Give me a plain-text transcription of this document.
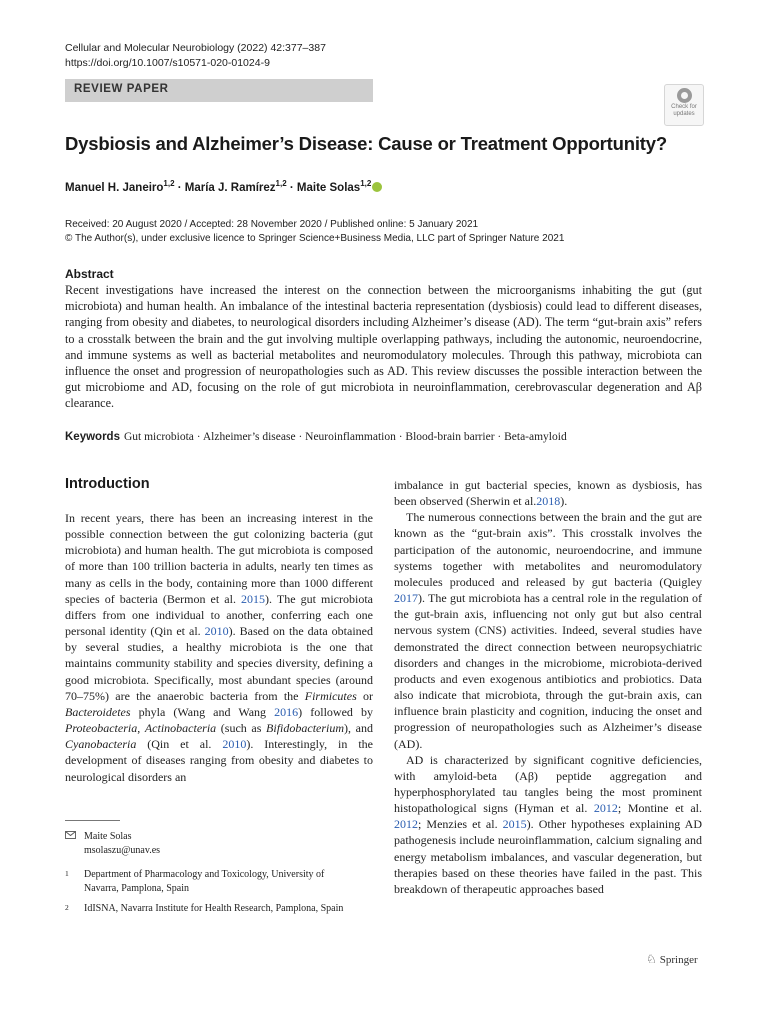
Cellular and Molecular Neurobiology (2022) 42:377–387
https://doi.org/10.1007/s10571-020-01024-9
REVIEW PAPER
Check for
updates
Dysbiosis and Alzheimer’s Disease: Cause or Treatment Opportunity?
Manuel H. Janeiro$^{1,2}$ · María J. Ramírez$^{1,2}$ · Maite Solas$^{1,2}$
Received: 20 August 2020 / Accepted: 28 November 2020 / Published online: 5 January 2021
© The Author(s), under exclusive licence to Springer Science+Business Media, LLC part of Springer Nature 2021
Abstract
Recent investigations have increased the interest on the connection between the microorganisms inhabiting the gut (gut microbiota) and human health. An imbalance of the intestinal bacteria representation (dysbiosis) could lead to different diseases, ranging from obesity and diabetes, to neurological disorders including Alzheimer’s disease (AD). The term “gut-brain axis” refers to a crosstalk between the brain and the gut involving multiple overlapping pathways, including the autonomic, neuroendocrine, and immune systems as well as bacterial metabolites and neuromodulatory molecules. Through this pathway, microbiota can influence the onset and progression of neuropathologies such as AD. This review discusses the possible interaction between the gut microbiome and AD, focusing on the role of gut microbiota in neuroinflammation, cerebrovascular degeneration and Aβ clearance.
Keywords Gut microbiota · Alzheimer’s disease · Neuroinflammation · Blood-brain barrier · Beta-amyloid
Introduction

In recent years, there has been an increasing interest in the possible connection between the gut colonizing bacteria (gut microbiota) and human health. The gut microbiota is composed of more than 100 trillion bacteria in adults, nearly ten times as many as cells in the body, containing more than 1000 different species of bacteria (Bermon et al. 2015). The gut microbiota differs from one individual to another, conferring each one personal identity (Qin et al. 2010). Based on the data obtained by several studies, a healthy microbiota is the one that maintains community stability and species diversity, defining a good microbiota. Specifically, most abundant species (around 70–75%) are the anaerobic bacteria from the Firmicutes or Bacteroidetes phyla (Wang and Wang 2016) followed by Proteobacteria, Actinobacteria (such as Bifidobacterium), and Cyanobacteria (Qin et al. 2010). Interestingly, in the development of diseases ranging from obesity and diabetes to neurological disorders an

imbalance in gut bacterial species, known as dysbiosis, has been observed (Sherwin et al.2018).

The numerous connections between the brain and the gut are known as the “gut-brain axis”. This crosstalk involves the participation of the autonomic, neuroendocrine, and immune systems together with metabolites and neuromodulatory molecules produced and released by gut bacteria (Quigley 2017). The gut microbiota has a central role in the regulation of the gut-brain axis, influencing not only gut but also central nervous system (CNS) activities. Indeed, several studies have demonstrated the direct connection between neuropsychiatric disorders and changes in the microbiome, microbiota-derived products and even exogenous antibiotics and probiotics. Data also indicate that microbiota, through the gut-brain axis, can influence brain plasticity and cognition, inducing the onset and progression of neuropathologies such as Alzheimer’s disease (AD).

AD is characterized by significant cognitive deficiencies, with amyloid-beta (Aβ) peptide aggregation and hyperphosphorylated tau tangles being the most prominent histopathological signs (Hyman et al. 2012; Montine et al. 2012; Menzies et al. 2015). Other hypotheses explaining AD pathogenesis include neuroinflammation, calcium signaling and energy metabolism imbalances, and vascular degeneration, but therapies based on these theories have failed in the past. This breakdown of therapeutic approaches based

Maite Solas
msolaszu@unav.es
1 Department of Pharmacology and Toxicology, University of Navarra, Pamplona, Spain
2 IdISNA, Navarra Institute for Health Research, Pamplona, Spain
♘ Springer
